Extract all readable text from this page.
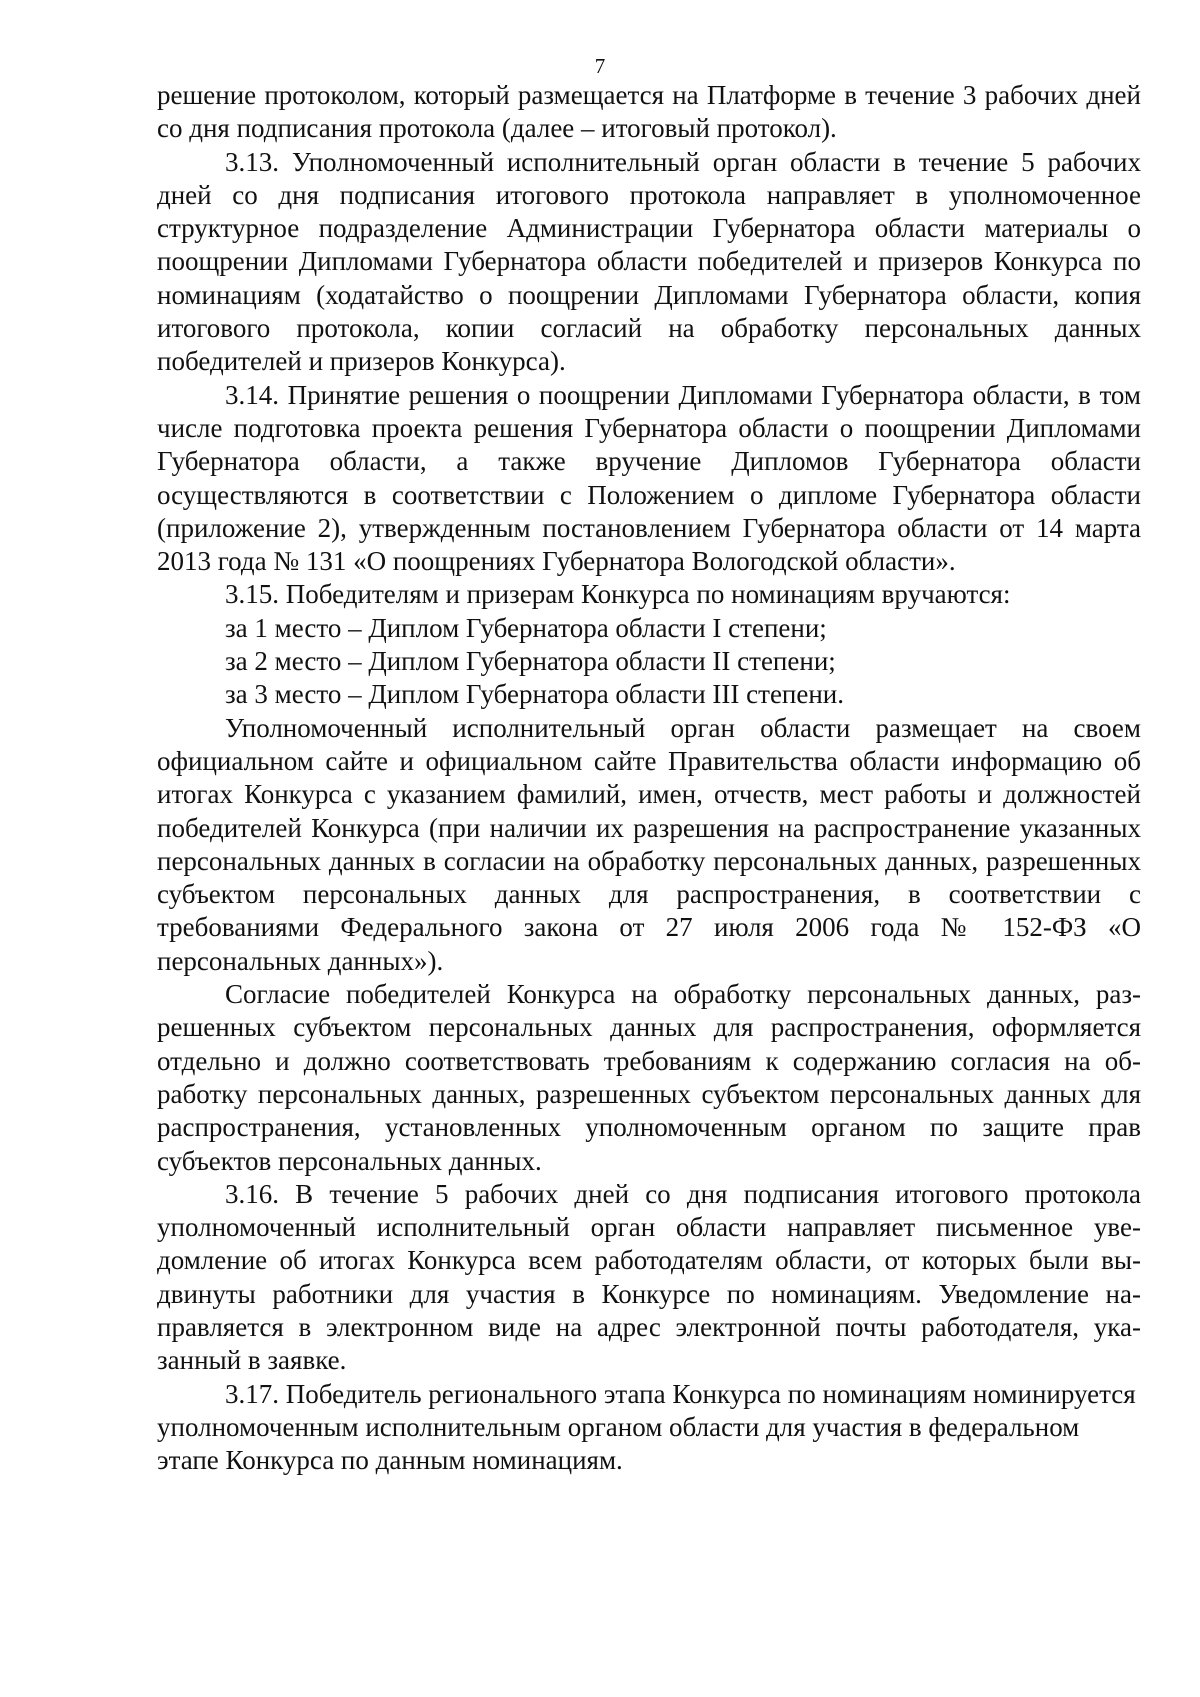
7

решение протоколом, который размещается на Платформе в течение 3 рабочих дней со дня подписания протокола (далее – итоговый протокол).

3.13. Уполномоченный исполнительный орган области в течение 5 рабочих дней со дня подписания итогового протокола направляет в уполномоченное структурное подразделение Администрации Губернатора области материалы о поощрении Дипломами Губернатора области победителей и призеров Конкурса по номинациям (ходатайство о поощрении Дипломами Губернатора области, копия итогового протокола, копии согласий на обработку персональных данных победителей и призеров Конкурса).

3.14. Принятие решения о поощрении Дипломами Губернатора области, в том числе подготовка проекта решения Губернатора области о поощрении Дипломами Губернатора области, а также вручение Дипломов Губернатора области осуществляются в соответствии с Положением о дипломе Губернатора области (приложение 2), утвержденным постановлением Губернатора области от 14 марта 2013 года № 131 «О поощрениях Губернатора Вологодской области».

3.15. Победителям и призерам Конкурса по номинациям вручаются:

за 1 место – Диплом Губернатора области I степени;

за 2 место – Диплом Губернатора области II степени;

за 3 место – Диплом Губернатора области III степени.

Уполномоченный исполнительный орган области размещает на своем официальном сайте и официальном сайте Правительства области информацию об итогах Конкурса с указанием фамилий, имен, отчеств, мест работы и должностей победителей Конкурса (при наличии их разрешения на распространение указанных персональных данных в согласии на обработку персональных данных, разрешенных субъектом персональных данных для распространения, в соответствии с требованиями Федерального закона от 27 июля 2006 года № 152-ФЗ «О персональных данных»).

Согласие победителей Конкурса на обработку персональных данных, разрешенных субъектом персональных данных для распространения, оформляется отдельно и должно соответствовать требованиям к содержанию согласия на обработку персональных данных, разрешенных субъектом персональных данных для распространения, установленных уполномоченным органом по защите прав субъектов персональных данных.

3.16. В течение 5 рабочих дней со дня подписания итогового протокола уполномоченный исполнительный орган области направляет письменное уведомление об итогах Конкурса всем работодателям области, от которых были выдвинуты работники для участия в Конкурсе по номинациям. Уведомление направляется в электронном виде на адрес электронной почты работодателя, указанный в заявке.

3.17. Победитель регионального этапа Конкурса по номинациям номинируется уполномоченным исполнительным органом области для участия в федеральном этапе Конкурса по данным номинациям.
